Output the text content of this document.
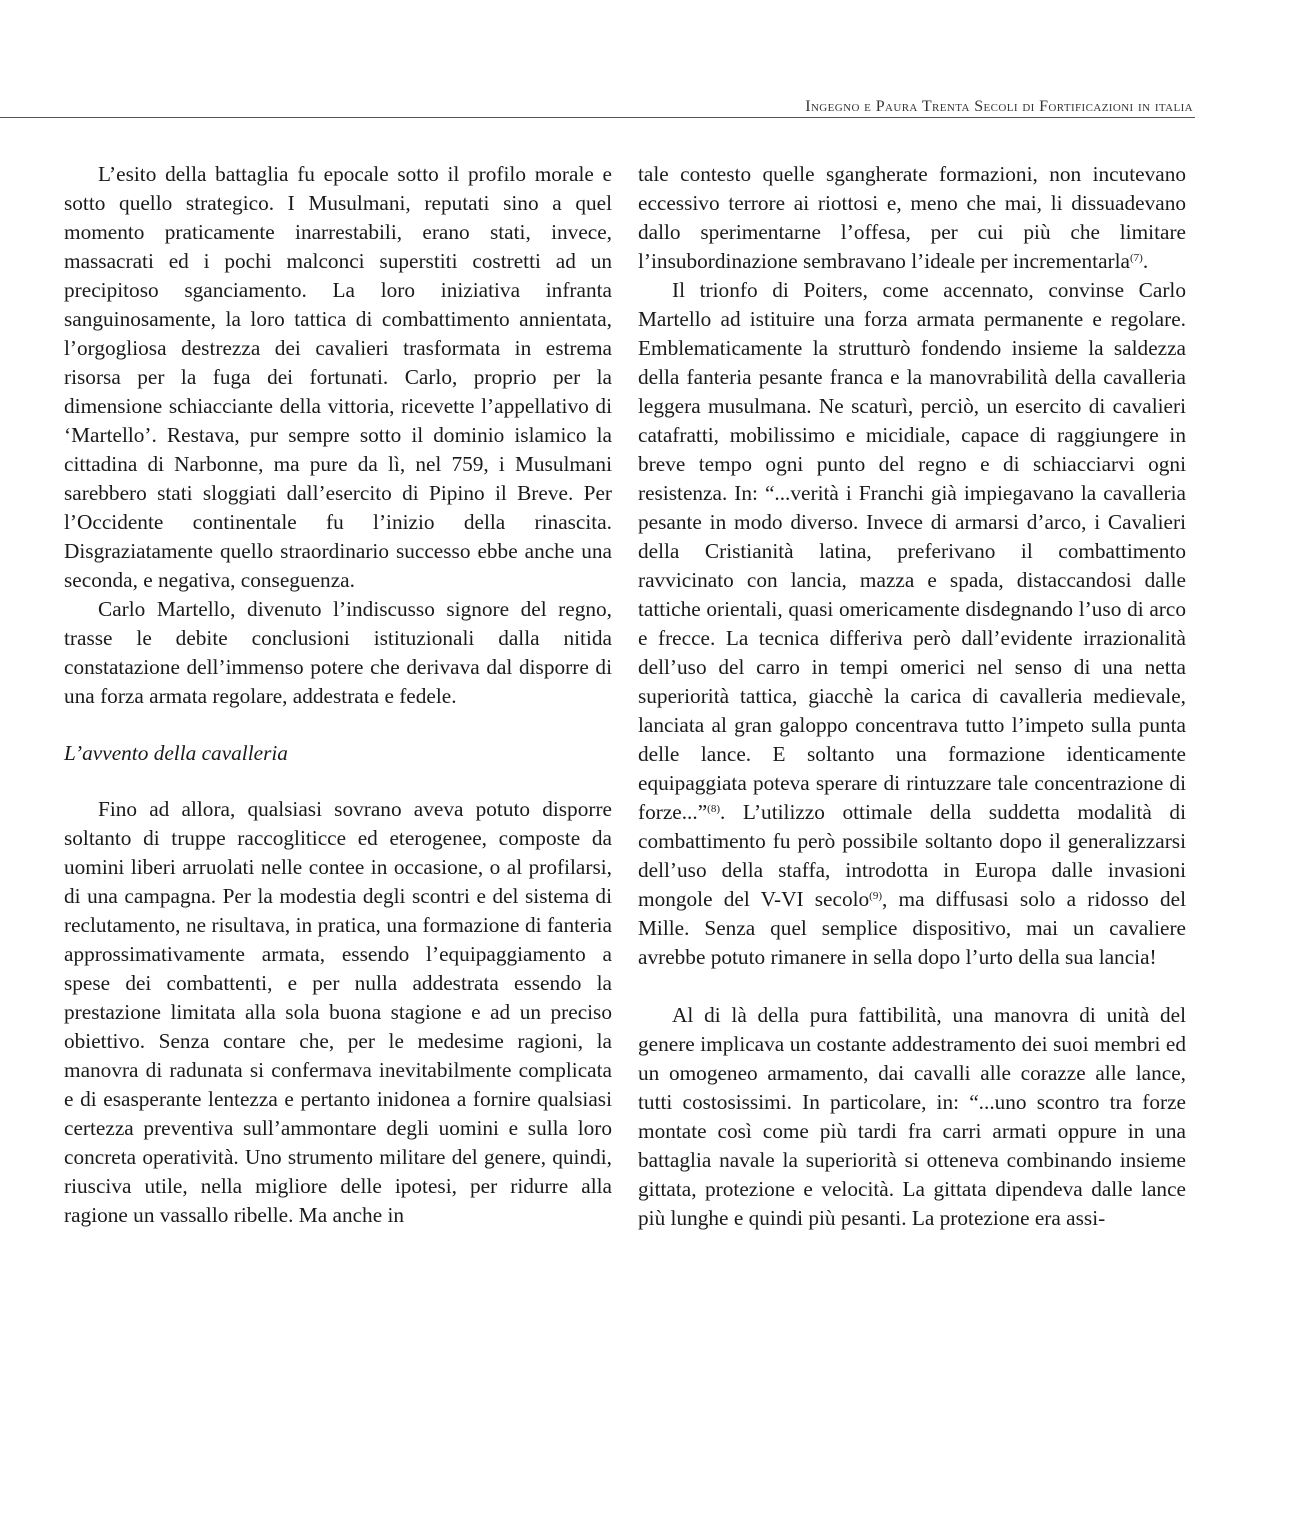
Ingegno e Paura Trenta Secoli di Fortificazioni in italia

L’esito della battaglia fu epocale sotto il profilo morale e sotto quello strategico. I Musulmani, reputati sino a quel momento praticamente inarrestabili, erano stati, invece, massacrati ed i pochi malconci superstiti costretti ad un precipitoso sganciamento. La loro iniziativa infranta sanguinosamente, la loro tattica di combattimento annientata, l’orgogliosa destrezza dei cavalieri trasformata in estrema risorsa per la fuga dei fortunati. Carlo, proprio per la dimensione schiacciante della vittoria, ricevette l’appellativo di ‘Martello’. Restava, pur sempre sotto il dominio islamico la cittadina di Narbonne, ma pure da lì, nel 759, i Musulmani sarebbero stati sloggiati dall’esercito di Pipino il Breve. Per l’Occidente continentale fu l’inizio della rinascita. Disgraziatamente quello straordinario successo ebbe anche una seconda, e negativa, conseguenza.

Carlo Martello, divenuto l’indiscusso signore del regno, trasse le debite conclusioni istituzionali dalla nitida constatazione dell’immenso potere che derivava dal disporre di una forza armata regolare, addestrata e fedele.

L’avvento della cavalleria

Fino ad allora, qualsiasi sovrano aveva potuto disporre soltanto di truppe raccogliticce ed eterogenee, composte da uomini liberi arruolati nelle contee in occasione, o al profilarsi, di una campagna. Per la modestia degli scontri e del sistema di reclutamento, ne risultava, in pratica, una formazione di fanteria approssimativamente armata, essendo l’equipaggiamento a spese dei combattenti, e per nulla addestrata essendo la prestazione limitata alla sola buona stagione e ad un preciso obiettivo. Senza contare che, per le medesime ragioni, la manovra di radunata si confermava inevitabilmente complicata e di esasperante lentezza e pertanto inidonea a fornire qualsiasi certezza preventiva sull’ammontare degli uomini e sulla loro concreta operatività. Uno strumento militare del genere, quindi, riusciva utile, nella migliore delle ipotesi, per ridurre alla ragione un vassallo ribelle. Ma anche in

tale contesto quelle sgangherate formazioni, non incutevano eccessivo terrore ai riottosi e, meno che mai, li dissuadevano dallo sperimentarne l’offesa, per cui più che limitare l’insubordinazione sembravano l’ideale per incrementarla$^{(7)}$.

Il trionfo di Poiters, come accennato, convinse Carlo Martello ad istituire una forza armata permanente e regolare. Emblematicamente la strutturò fondendo insieme la saldezza della fanteria pesante franca e la manovrabilità della cavalleria leggera musulmana. Ne scaturì, perciò, un esercito di cavalieri catafratti, mobilissimo e micidiale, capace di raggiungere in breve tempo ogni punto del regno e di schiacciarvi ogni resistenza. In: “...verità i Franchi già impiegavano la cavalleria pesante in modo diverso. Invece di armarsi d’arco, i Cavalieri della Cristianità latina, preferivano il combattimento ravvicinato con lancia, mazza e spada, distaccandosi dalle tattiche orientali, quasi omericamente disdegnando l’uso di arco e frecce. La tecnica differiva però dall’evidente irrazionalità dell’uso del carro in tempi omerici nel senso di una netta superiorità tattica, giacchè la carica di cavalleria medievale, lanciata al gran galoppo concentrava tutto l’impeto sulla punta delle lance. E soltanto una formazione identicamente equipaggiata poteva sperare di rintuzzare tale concentrazione di forze...”$^{(8)}$. L’utilizzo ottimale della suddetta modalità di combattimento fu però possibile soltanto dopo il generalizzarsi dell’uso della staffa, introdotta in Europa dalle invasioni mongole del V-VI secolo$^{(9)}$, ma diffusasi solo a ridosso del Mille. Senza quel semplice dispositivo, mai un cavaliere avrebbe potuto rimanere in sella dopo l’urto della sua lancia!

Al di là della pura fattibilità, una manovra di unità del genere implicava un costante addestramento dei suoi membri ed un omogeneo armamento, dai cavalli alle corazze alle lance, tutti costosissimi. In particolare, in: “...uno scontro tra forze montate così come più tardi fra carri armati oppure in una battaglia navale la superiorità si otteneva combinando insieme gittata, protezione e velocità. La gittata dipendeva dalle lance più lunghe e quindi più pesanti. La protezione era assi-
